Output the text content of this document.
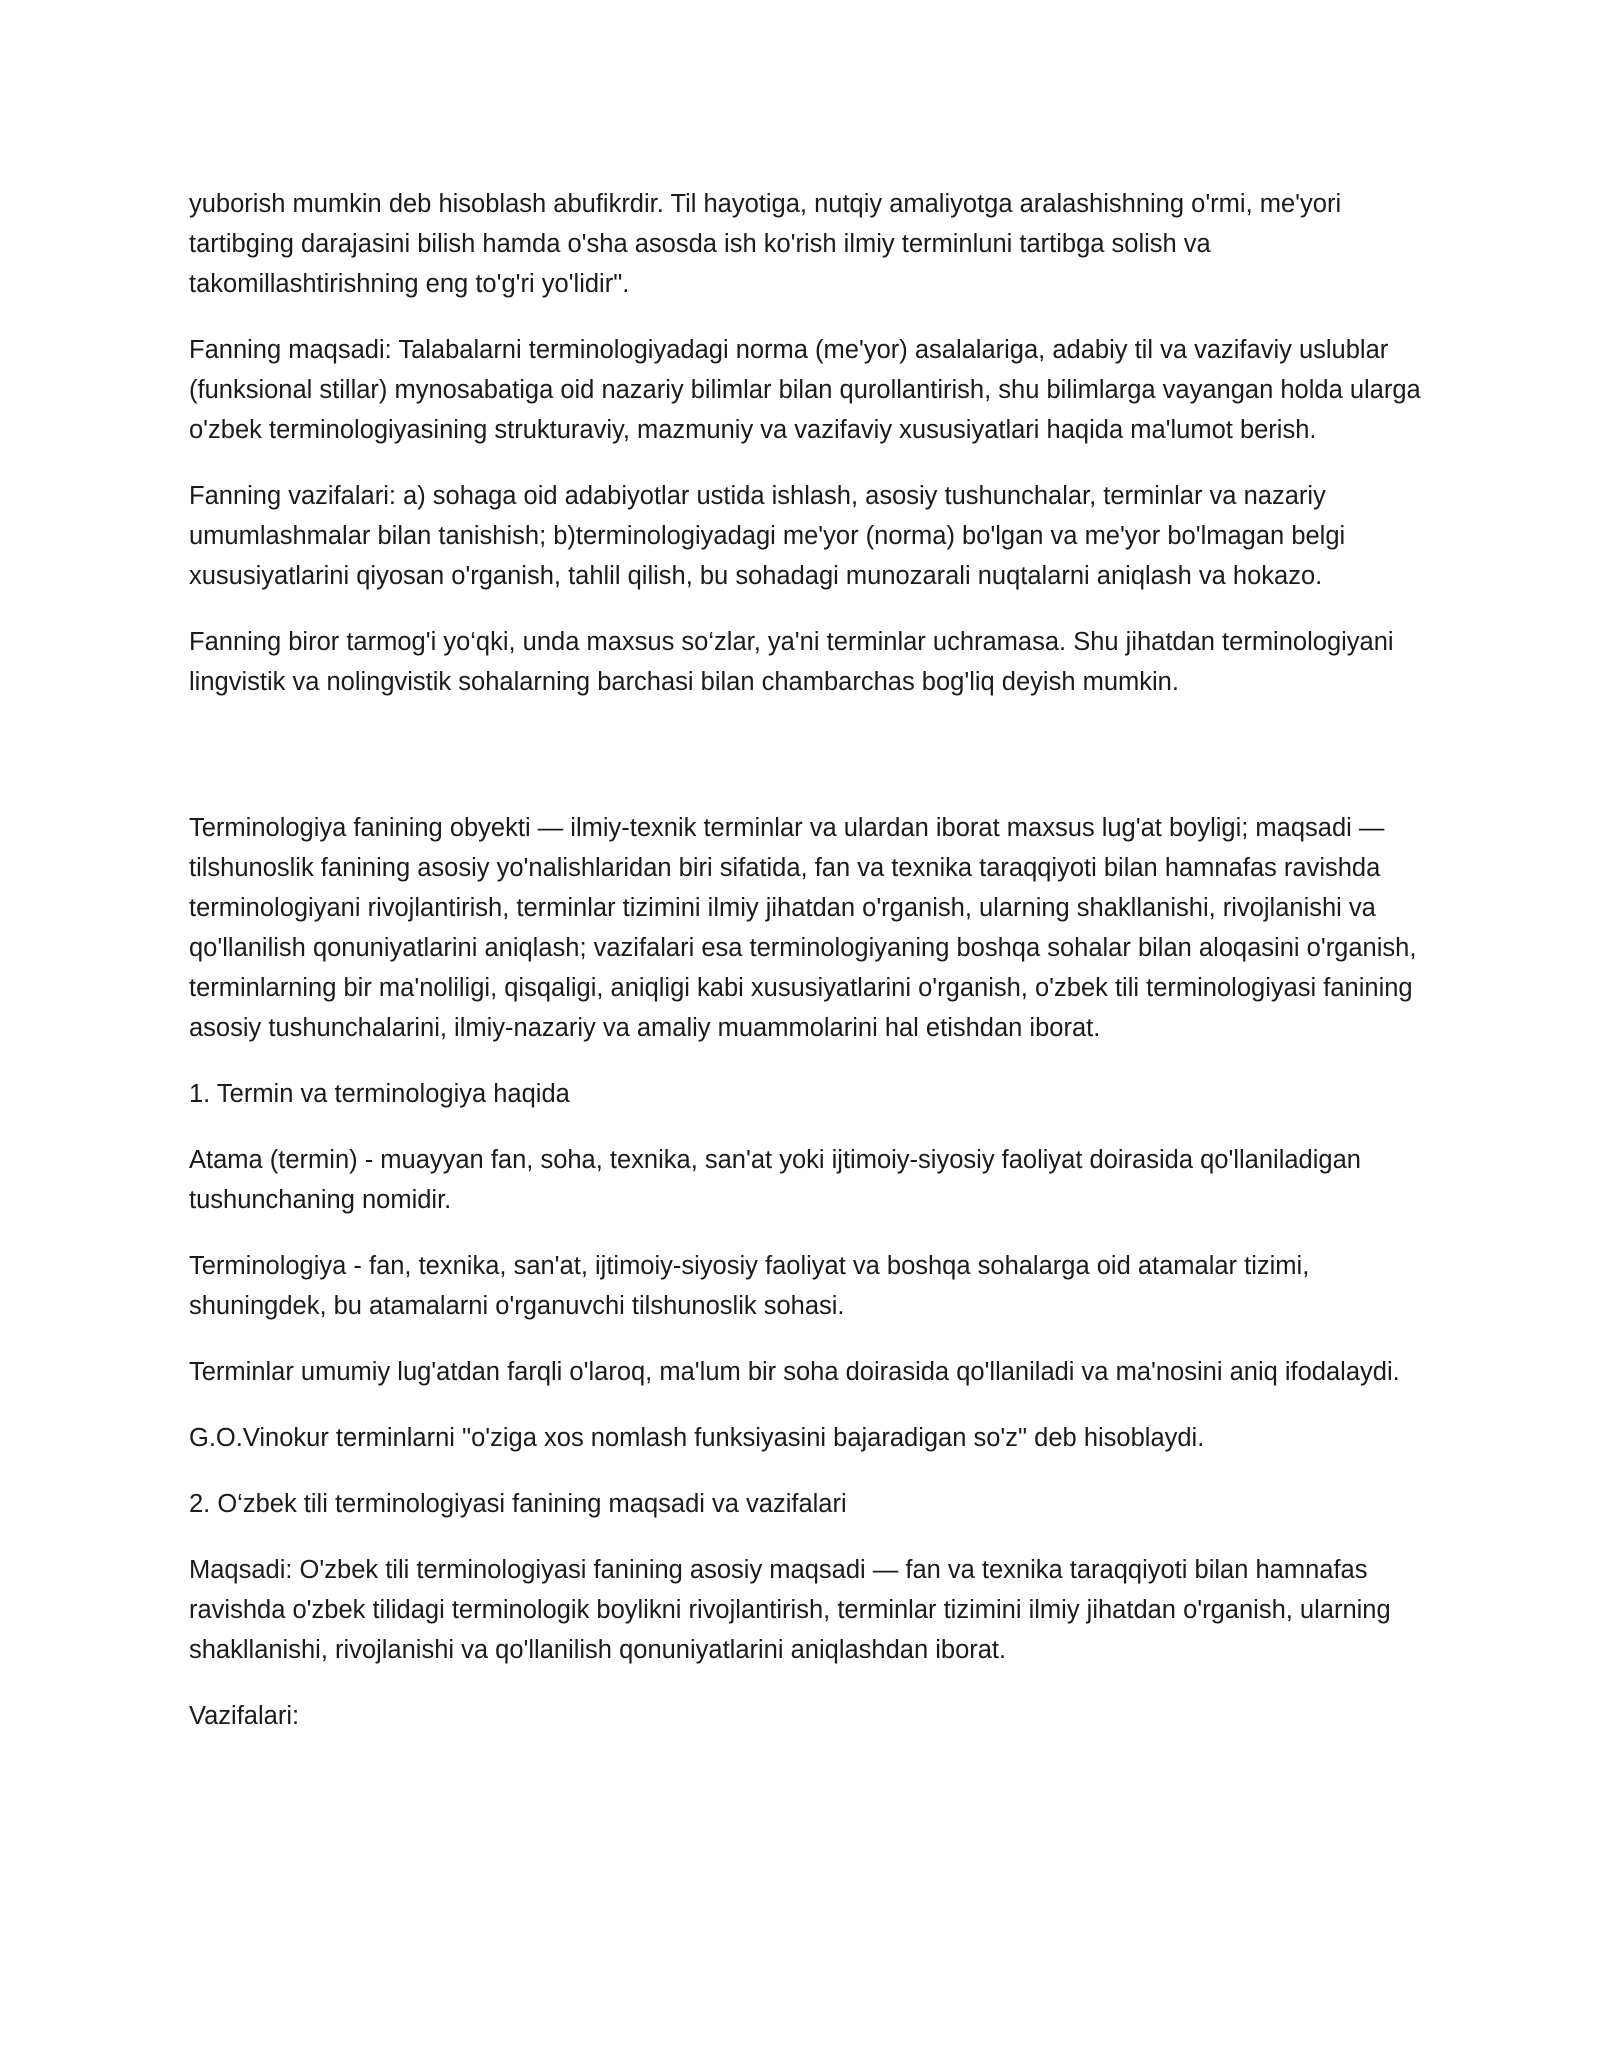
yuborish mumkin deb hisoblash abufikrdir. Til hayotiga, nutqiy amaliyotga aralashishning o'rmi, me'yori tartibging darajasini bilish hamda o'sha asosda ish ko'rish ilmiy terminluni tartibga solish va takomillashtirishning eng to'g'ri yo'lidir".

Fanning maqsadi: Talabalarni terminologiyadagi norma (me'yor) asalalariga, adabiy til va vazifaviy uslublar (funksional stillar) mynosabatiga oid nazariy bilimlar bilan qurollantirish, shu bilimlarga vayangan holda ularga o'zbek terminologiyasining strukturaviy, mazmuniy va vazifaviy xususiyatlari haqida ma'lumot berish.

Fanning vazifalari: a) sohaga oid adabiyotlar ustida ishlash, asosiy tushunchalar, terminlar va nazariy umumlashmalar bilan tanishish; b)terminologiyadagi me'yor (norma) bo'lgan va me'yor bo'lmagan belgi xususiyatlarini qiyosan o'rganish, tahlil qilish, bu sohadagi munozarali nuqtalarni aniqlash va hokazo.

Fanning biror tarmog'i yo‘qki, unda maxsus so‘zlar, ya'ni terminlar uchramasa. Shu jihatdan terminologiyani lingvistik va nolingvistik sohalarning barchasi bilan chambarchas bog'liq deyish mumkin.

Terminologiya fanining obyekti — ilmiy-texnik terminlar va ulardan iborat maxsus lug'at boyligi; maqsadi — tilshunoslik fanining asosiy yo'nalishlaridan biri sifatida, fan va texnika taraqqiyoti bilan hamnafas ravishda terminologiyani rivojlantirish, terminlar tizimini ilmiy jihatdan o'rganish, ularning shakllanishi, rivojlanishi va qo'llanilish qonuniyatlarini aniqlash; vazifalari esa terminologiyaning boshqa sohalar bilan aloqasini o'rganish, terminlarning bir ma'noliligi, qisqaligi, aniqligi kabi xususiyatlarini o'rganish, o'zbek tili terminologiyasi fanining asosiy tushunchalarini, ilmiy-nazariy va amaliy muammolarini hal etishdan iborat.

1. Termin va terminologiya haqida

Atama (termin) - muayyan fan, soha, texnika, san'at yoki ijtimoiy-siyosiy faoliyat doirasida qo'llaniladigan tushunchaning nomidir.

Terminologiya - fan, texnika, san'at, ijtimoiy-siyosiy faoliyat va boshqa sohalarga oid atamalar tizimi, shuningdek, bu atamalarni o'rganuvchi tilshunoslik sohasi.

Terminlar umumiy lug'atdan farqli o'laroq, ma'lum bir soha doirasida qo'llaniladi va ma'nosini aniq ifodalaydi.

G.O.Vinokur terminlarni "o'ziga xos nomlash funksiyasini bajaradigan so'z" deb hisoblaydi.

2. O‘zbek tili terminologiyasi fanining maqsadi va vazifalari

Maqsadi: O'zbek tili terminologiyasi fanining asosiy maqsadi — fan va texnika taraqqiyoti bilan hamnafas ravishda o'zbek tilidagi terminologik boylikni rivojlantirish, terminlar tizimini ilmiy jihatdan o'rganish, ularning shakllanishi, rivojlanishi va qo'llanilish qonuniyatlarini aniqlashdan iborat.

Vazifalari:
